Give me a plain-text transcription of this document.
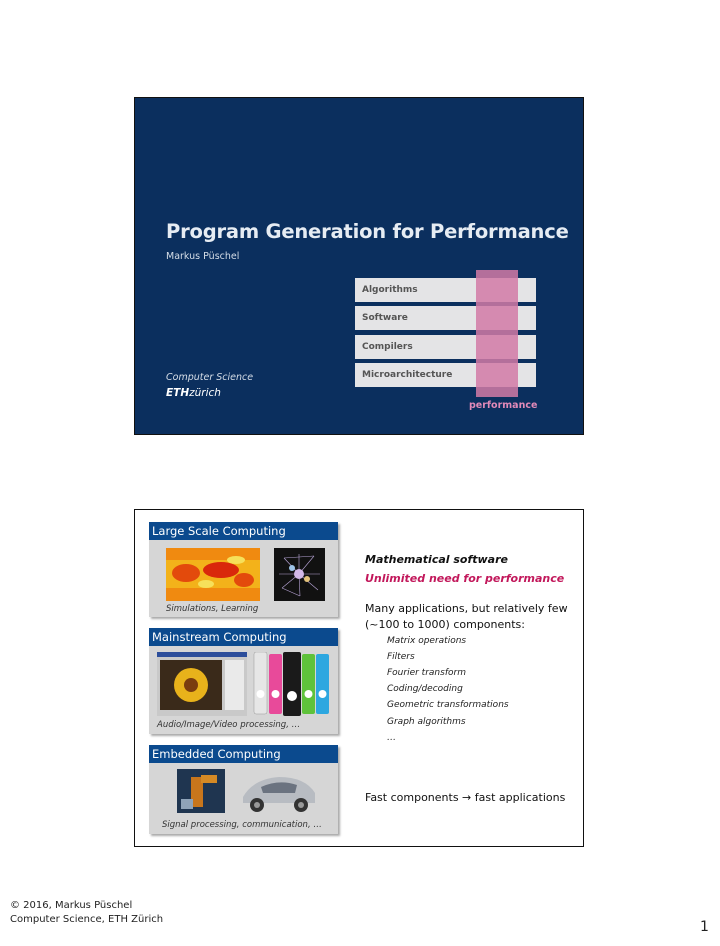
Program Generation for Performance
Markus Püschel
Algorithms
Software
Compilers
Microarchitecture
performance
Computer Science
ETHzürich
Large Scale Computing
Simulations, Learning
Mainstream Computing
Audio/Image/Video processing, …
Embedded Computing
Signal processing, communication, …
Mathematical software
Unlimited need for performance
Many applications, but relatively few
(~100 to 1000) components:
Matrix operations
Filters
Fourier transform
Coding/decoding
Geometric transformations
Graph algorithms
…
Fast components → fast applications
© 2016, Markus Püschel
Computer Science, ETH Zürich	1
